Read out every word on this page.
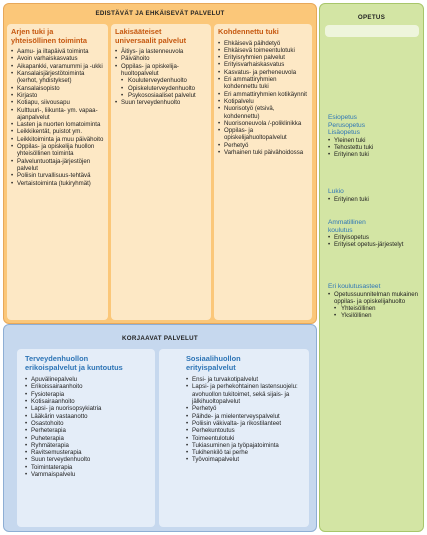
EDISTÄVÄT JA EHKÄISEVÄT PALVELUT
Arjen tuki ja
yhteisöllinen toiminta
• Aamu- ja iltapäivä toiminta
• Avoin varhaiskasvatus
• Aikapankki, varamummi ja -ukki
• Kansalaisjärjestötoiminta (kerhot, yhdistykset)
• Kansalaisopisto
• Kirjasto
• Kotiapu, siivousapu
• Kulttuuri-, liikunta- ym. vapaa-ajanpalvelut
• Lasten ja nuorten lomatoiminta
• Leikkikentät, puistot ym.
• Leikkitoiminta ja muu päivähoito
• Oppilas- ja opiskelija huollon yhteisöllinen toiminta
• Palveluntuottaja-järjestöjen palvelut
• Poliisin turvallisuus-tehtävä
• Vertaistoiminta (tukiryhmät)
Lakisääteiset
universaalit palvelut
• Äitiys- ja lastenneuvola
• Päivähoito
• Oppilas- ja opiskelija-huoltopalvelut
• Kouluterveydenhuolto
• Opiskeluterveydenhuolto
• Psykososiaaliset palvelut
• Suun terveydenhuolto
Kohdennettu tuki
• Ehkäisevä päihdetyö
• Ehkäisevä toimeentulotuki
• Erityisryhmien palvelut
• Erityisvarhaiskasvatus
• Kasvatus- ja perheneuvola
• Eri ammattiryhmien kohdennettu tuki
• Eri ammattiryhmien kotikäynnit
• Kotipalvelu
• Nuorisotyö (etsivä, kohdennettu)
• Nuorisoneuvola /-poliklinikka
• Oppilas- ja opiskelijahuoltopalvelut
• Perhetyö
• Varhainen tuki päivähoidossa
OPETUS
Esiopetus
Perusopetus
Lisäopetus
• Yleinen tuki
• Tehostettu tuki
• Erityinen tuki
Lukio
• Erityinen tuki
Ammatillinen
koulutus
• Erityisopetus
• Erityiset opetus-järjestelyt
Eri koulutusasteet
• Opetussuunnitelman mukainen oppilas- ja opiskelijahuolto
• Yhteisöllinen
• Yksilöllinen
KORJAAVAT PALVELUT
Terveydenhuollon
erikoispalvelut ja kuntoutus
• Apuvälinepalvelu
• Erikoissairaanhoito
• Fysioterapia
• Kotisairaanhoito
• Lapsi- ja nuorisopsykiatria
• Lääkärin vastaanotto
• Osastohoito
• Perheterapia
• Puheterapia
• Ryhmäterapia
• Ravitsemusterapia
• Suun terveydenhuolto
• Toimintaterapia
• Vammaispalvelu
Sosiaalihuollon
erityispalvelut
• Ensi- ja turvakotipalvelut
• Lapsi- ja perhekohtainen lastensuojelu: avohuollon tukitoimet, sekä sijais- ja jälkihuoltopalvelut
• Perhetyö
• Päihde- ja mielenterveyspalvelut
• Poliisin väkivalta- ja rikostilanteet
• Perhekuntoutus
• Toimeentulotuki
• Tukiasuminen ja työpajatoiminta
• Tukihenkilö tai perhe
• Työvoimapalvelut
